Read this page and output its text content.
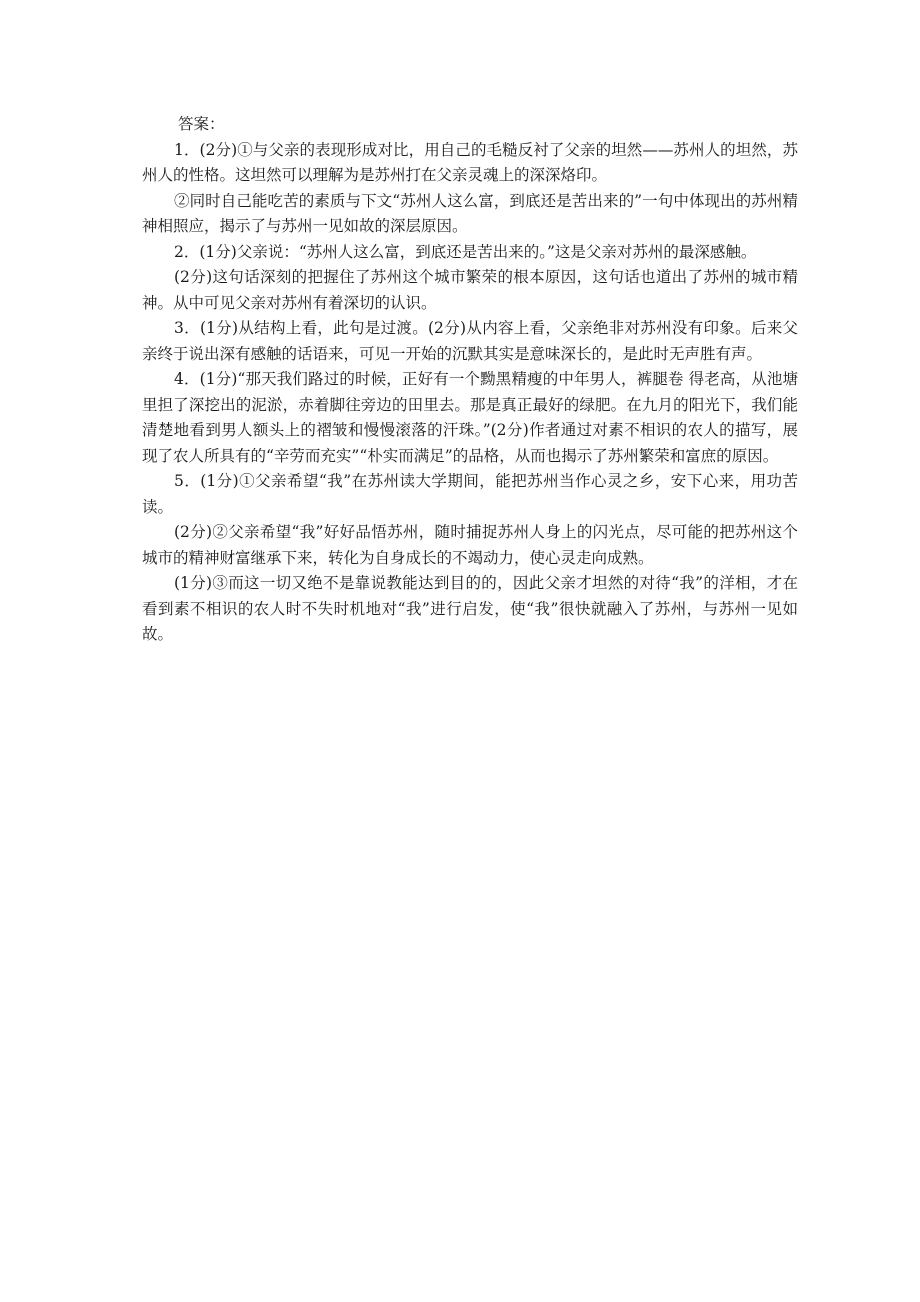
答案：

1．(2分)①与父亲的表现形成对比，用自己的毛糙反衬了父亲的坦然——苏州人的坦然，苏州人的性格。这坦然可以理解为是苏州打在父亲灵魂上的深深烙印。

②同时自己能吃苦的素质与下文“苏州人这么富，到底还是苦出来的”一句中体现出的苏州精神相照应，揭示了与苏州一见如故的深层原因。

2．(1分)父亲说：“苏州人这么富，到底还是苦出来的。”这是父亲对苏州的最深感触。

(2分)这句话深刻的把握住了苏州这个城市繁荣的根本原因，这句话也道出了苏州的城市精神。从中可见父亲对苏州有着深切的认识。

3．(1分)从结构上看，此句是过渡。(2分)从内容上看，父亲绝非对苏州没有印象。后来父亲终于说出深有感触的话语来，可见一开始的沉默其实是意味深长的，是此时无声胜有声。

4．(1分)“那天我们路过的时候，正好有一个黝黑精瘦的中年男人，裤腿卷 得老高，从池塘里担了深挖出的泥淤，赤着脚往旁边的田里去。那是真正最好的绿肥。在九月的阳光下，我们能清楚地看到男人额头上的褶皱和慢慢滚落的汗珠。”(2分)作者通过对素不相识的农人的描写，展现了农人所具有的“辛劳而充实”“朴实而满足”的品格，从而也揭示了苏州繁荣和富庶的原因。

5．(1分)①父亲希望“我”在苏州读大学期间，能把苏州当作心灵之乡，安下心来，用功苦读。

(2分)②父亲希望“我”好好品悟苏州，随时捕捉苏州人身上的闪光点，尽可能的把苏州这个城市的精神财富继承下来，转化为自身成长的不竭动力，使心灵走向成熟。

(1分)③而这一切又绝不是靠说教能达到目的的，因此父亲才坦然的对待“我”的洋相，才在看到素不相识的农人时不失时机地对“我”进行启发，使“我”很快就融入了苏州，与苏州一见如故。
